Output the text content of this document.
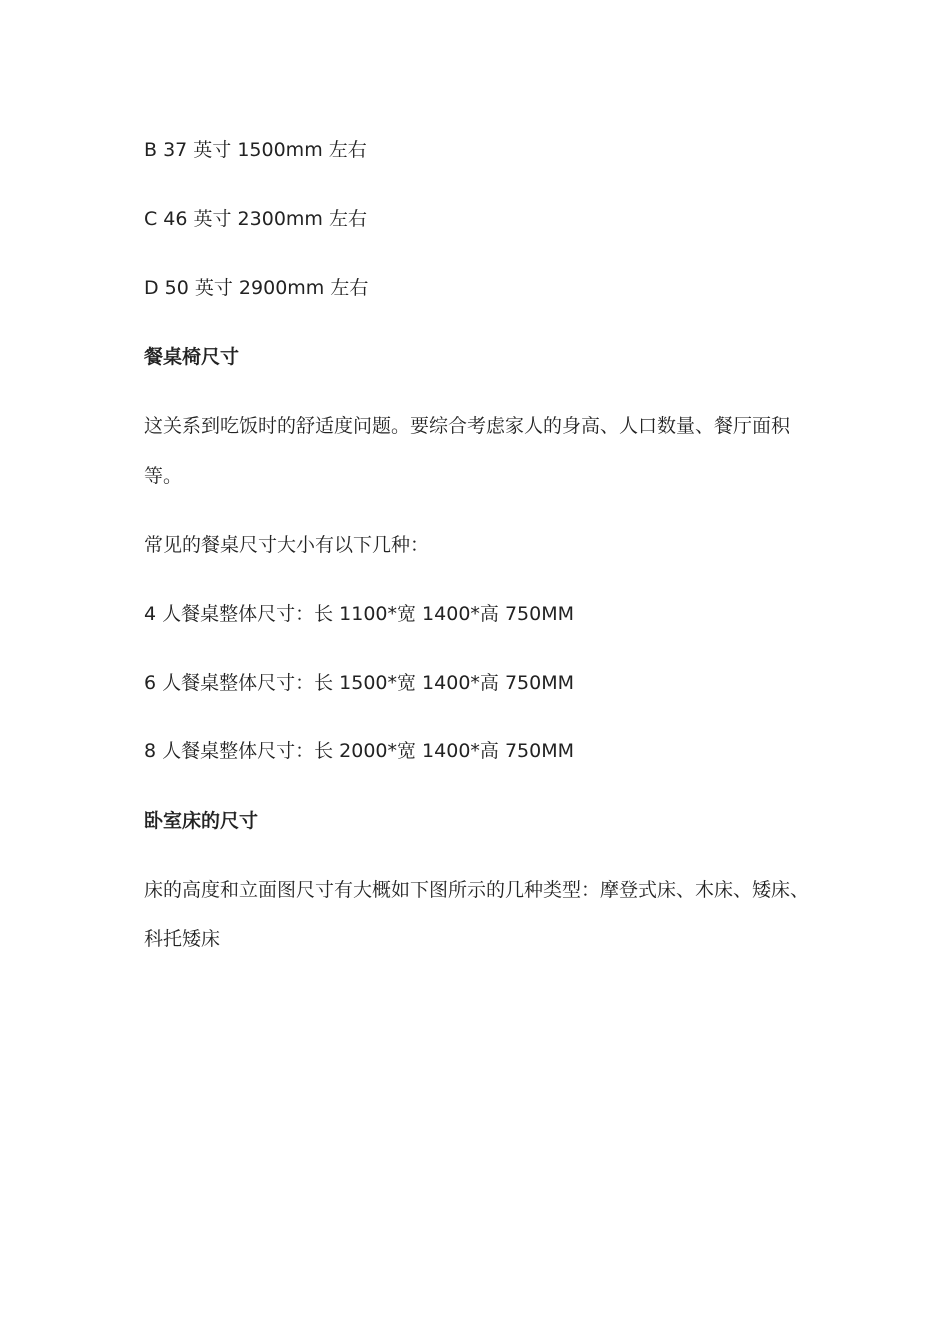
B 37 英寸 1500mm 左右
C 46 英寸 2300mm 左右
D 50 英寸 2900mm 左右
餐桌椅尺寸
这关系到吃饭时的舒适度问题。要综合考虑家人的身高、人口数量、餐厅面积
等。
常见的餐桌尺寸大小有以下几种：
4 人餐桌整体尺寸：长 1100*宽 1400*高 750MM
6 人餐桌整体尺寸：长 1500*宽 1400*高 750MM
8 人餐桌整体尺寸：长 2000*宽 1400*高 750MM
卧室床的尺寸
床的高度和立面图尺寸有大概如下图所示的几种类型：摩登式床、木床、矮床、
科托矮床
